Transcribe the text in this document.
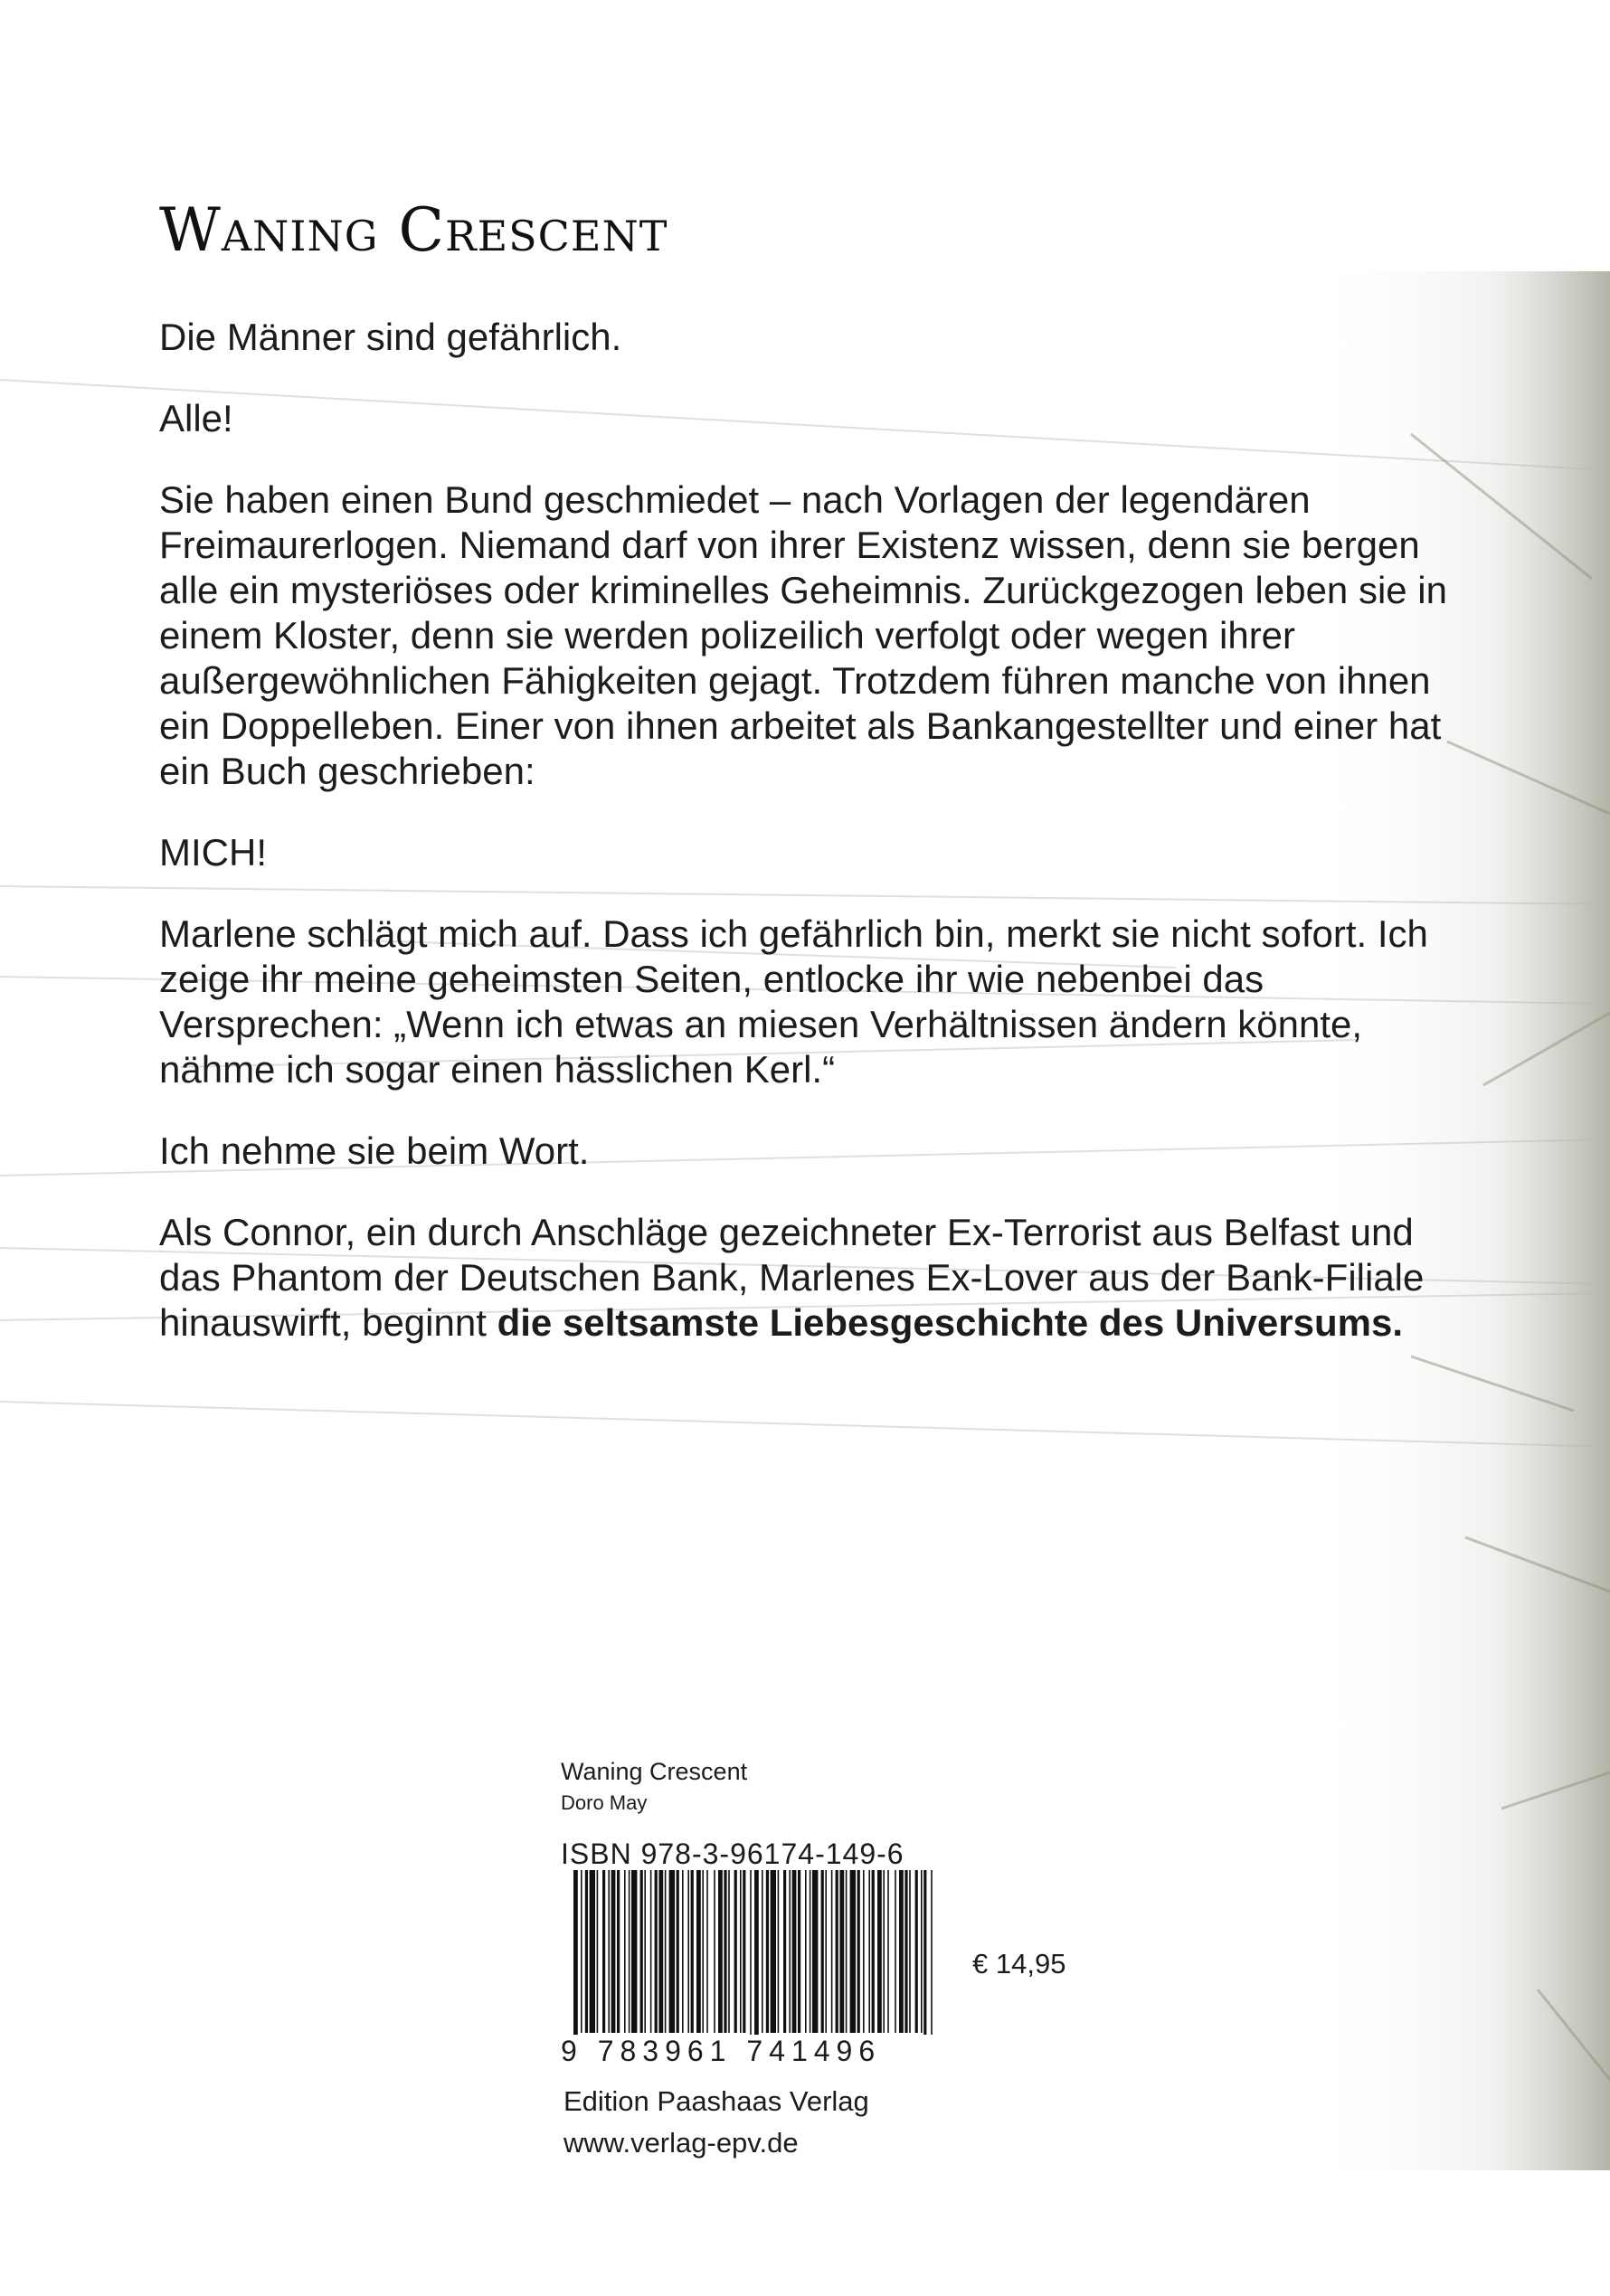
Waning Crescent

Die Männer sind gefährlich.

Alle!

Sie haben einen Bund geschmiedet – nach Vorlagen der legendären Freimaurerlogen. Niemand darf von ihrer Existenz wissen, denn sie bergen alle ein mysteriöses oder kriminelles Geheimnis. Zurückgezogen leben sie in einem Kloster, denn sie werden polizeilich verfolgt oder wegen ihrer außergewöhnlichen Fähigkeiten gejagt. Trotzdem führen manche von ihnen ein Doppelleben. Einer von ihnen arbeitet als Bankangestellter und einer hat ein Buch geschrieben:

MICH!

Marlene schlägt mich auf. Dass ich gefährlich bin, merkt sie nicht sofort. Ich zeige ihr meine geheimsten Seiten, entlocke ihr wie nebenbei das Versprechen: „Wenn ich etwas an miesen Verhältnissen ändern könnte, nähme ich sogar einen hässlichen Kerl.“

Ich nehme sie beim Wort.

Als Connor, ein durch Anschläge gezeichneter Ex-Terrorist aus Belfast und das Phantom der Deutschen Bank, Marlenes Ex-Lover aus der Bank-Filiale hinauswirft, beginnt die seltsamste Liebesgeschichte des Universums.

Waning Crescent
Doro May
ISBN 978-3-96174-149-6
9 783961 741496
€ 14,95
Edition Paashaas Verlag
www.verlag-epv.de
